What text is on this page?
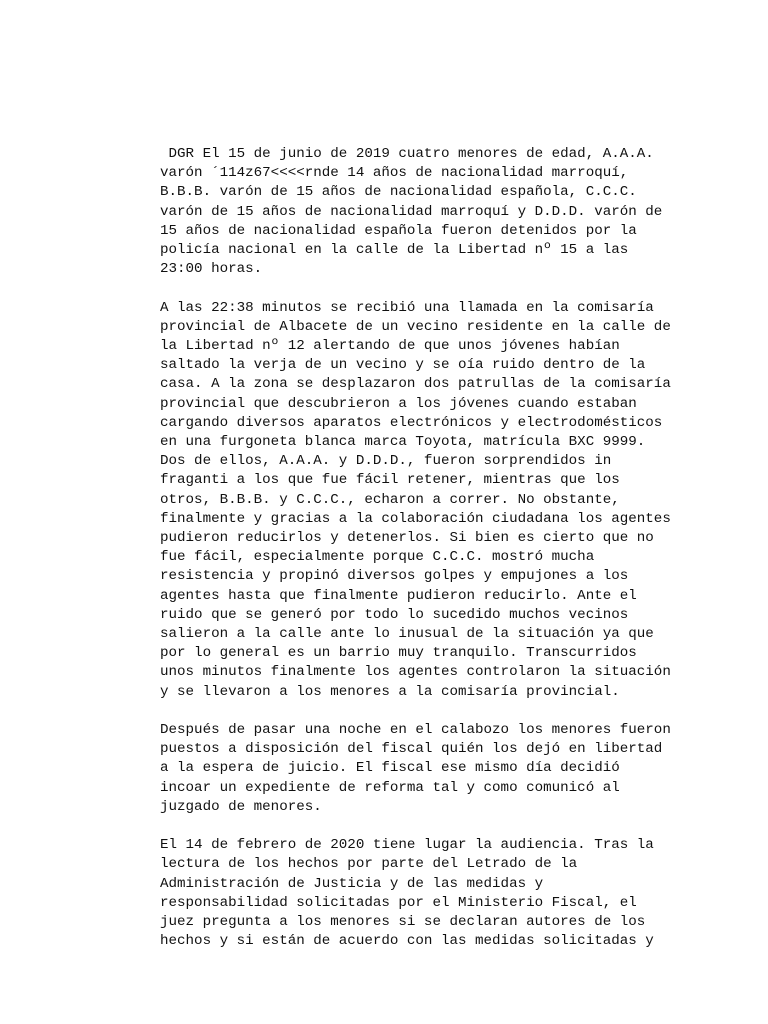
DGR El 15 de junio de 2019 cuatro menores de edad, A.A.A.
varón ´114z67<<<<rnde 14 años de nacionalidad marroquí,
B.B.B. varón de 15 años de nacionalidad española, C.C.C.
varón de 15 años de nacionalidad marroquí y D.D.D. varón de
15 años de nacionalidad española fueron detenidos por la
policía nacional en la calle de la Libertad nº 15 a las
23:00 horas.

A las 22:38 minutos se recibió una llamada en la comisaría
provincial de Albacete de un vecino residente en la calle de
la Libertad nº 12 alertando de que unos jóvenes habían
saltado la verja de un vecino y se oía ruido dentro de la
casa. A la zona se desplazaron dos patrullas de la comisaría
provincial que descubrieron a los jóvenes cuando estaban
cargando diversos aparatos electrónicos y electrodomésticos
en una furgoneta blanca marca Toyota, matrícula BXC 9999.
Dos de ellos, A.A.A. y D.D.D., fueron sorprendidos in
fraganti a los que fue fácil retener, mientras que los
otros, B.B.B. y C.C.C., echaron a correr. No obstante,
finalmente y gracias a la colaboración ciudadana los agentes
pudieron reducirlos y detenerlos. Si bien es cierto que no
fue fácil, especialmente porque C.C.C. mostró mucha
resistencia y propinó diversos golpes y empujones a los
agentes hasta que finalmente pudieron reducirlo. Ante el
ruido que se generó por todo lo sucedido muchos vecinos
salieron a la calle ante lo inusual de la situación ya que
por lo general es un barrio muy tranquilo. Transcurridos
unos minutos finalmente los agentes controlaron la situación
y se llevaron a los menores a la comisaría provincial.

Después de pasar una noche en el calabozo los menores fueron
puestos a disposición del fiscal quién los dejó en libertad
a la espera de juicio. El fiscal ese mismo día decidió
incoar un expediente de reforma tal y como comunicó al
juzgado de menores.

El 14 de febrero de 2020 tiene lugar la audiencia. Tras la
lectura de los hechos por parte del Letrado de la
Administración de Justicia y de las medidas y
responsabilidad solicitadas por el Ministerio Fiscal, el
juez pregunta a los menores si se declaran autores de los
hechos y si están de acuerdo con las medidas solicitadas y
